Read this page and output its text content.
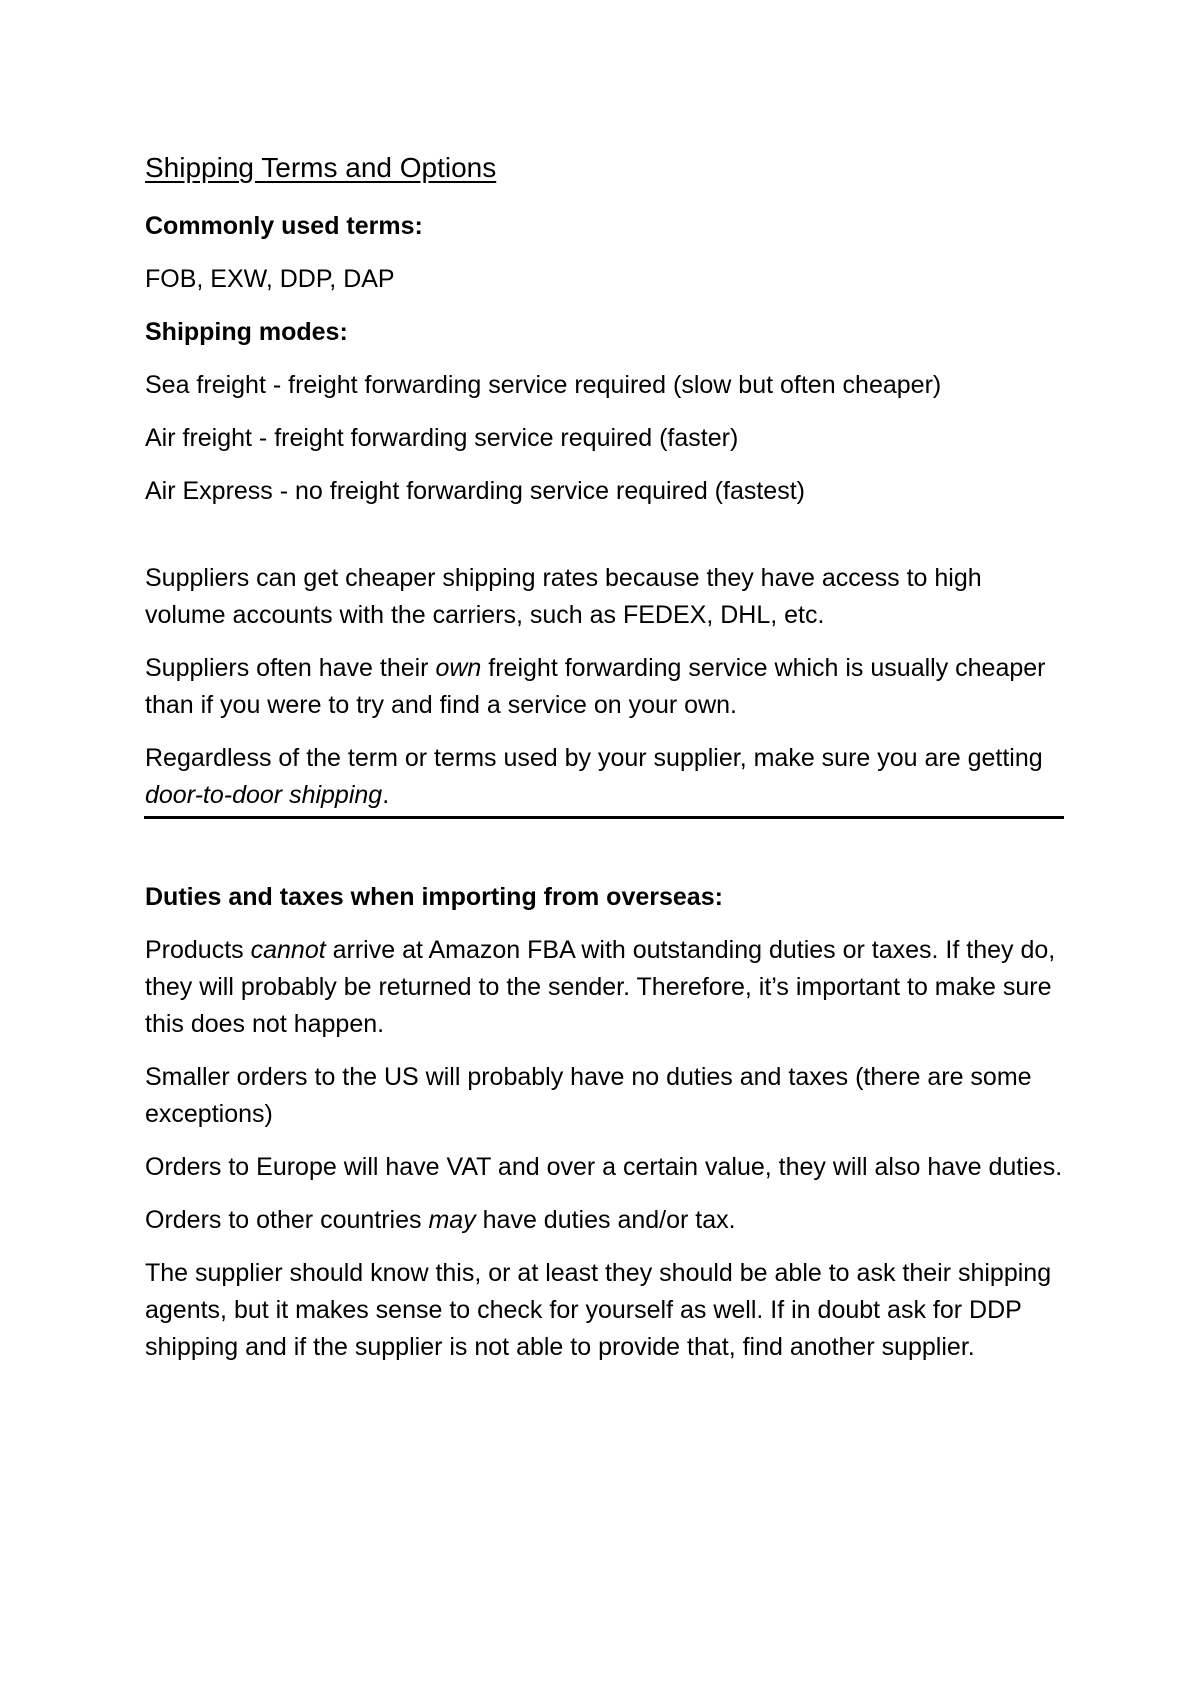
Shipping Terms and Options
Commonly used terms:
FOB, EXW, DDP, DAP
Shipping modes:
Sea freight - freight forwarding service required (slow but often cheaper)
Air freight - freight forwarding service required (faster)
Air Express - no freight forwarding service required (fastest)
Suppliers can get cheaper shipping rates because they have access to high volume accounts with the carriers, such as FEDEX, DHL, etc.
Suppliers often have their own freight forwarding service which is usually cheaper than if you were to try and find a service on your own.
Regardless of the term or terms used by your supplier, make sure you are getting door-to-door shipping.
Duties and taxes when importing from overseas:
Products cannot arrive at Amazon FBA with outstanding duties or taxes. If they do, they will probably be returned to the sender. Therefore, it’s important to make sure this does not happen.
Smaller orders to the US will probably have no duties and taxes (there are some exceptions)
Orders to Europe will have VAT and over a certain value, they will also have duties.
Orders to other countries may have duties and/or tax.
The supplier should know this, or at least they should be able to ask their shipping agents, but it makes sense to check for yourself as well. If in doubt ask for DDP shipping and if the supplier is not able to provide that, find another supplier.
